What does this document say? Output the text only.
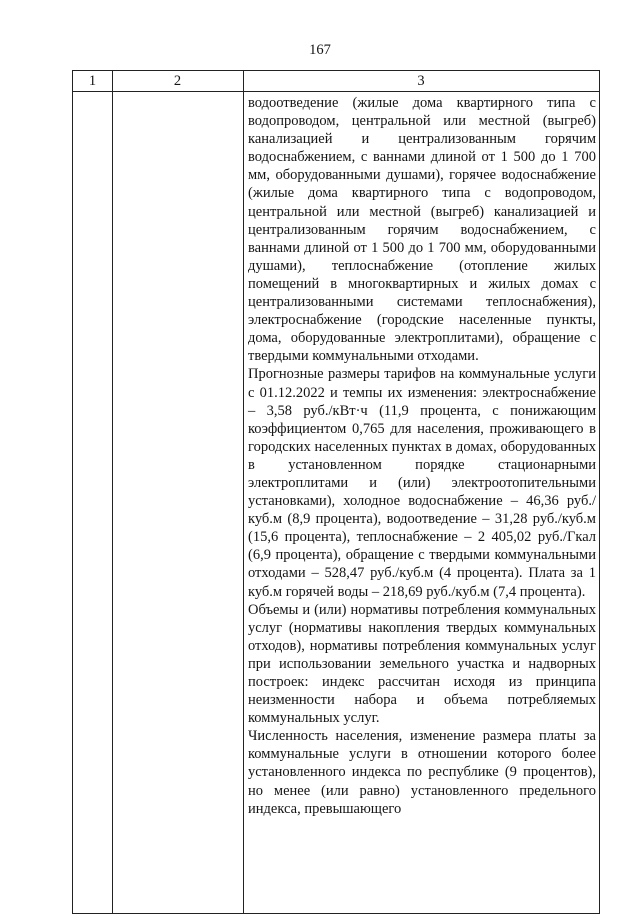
167
1	2	3

водоотведение (жилые дома квартирного типа с водопроводом, центральной или местной (выгреб) канализацией и централизованным горячим водоснабжением, с ваннами длиной от 1 500 до 1 700 мм, оборудованными душами), горячее водоснабжение (жилые дома квартирного типа с водопроводом, центральной или местной (выгреб) канализацией и централизованным горячим водоснабжением, с ваннами длиной от 1 500 до 1 700 мм, оборудованными душами), теплоснабжение (отопление жилых помещений в многоквартирных и жилых домах с централизованными системами теплоснабжения), электроснабжение (городские населенные пункты, дома, оборудованные электроплитами), обращение с твердыми коммунальными отходами.

Прогнозные размеры тарифов на коммунальные услуги с 01.12.2022 и темпы их изменения: электроснабжение – 3,58 руб./кВт·ч (11,9 процента, с понижающим коэффициентом 0,765 для населения, проживающего в городских населенных пунктах в домах, оборудованных в установленном порядке стационарными электроплитами и (или) электроотопительными установками), холодное водоснабжение – 46,36 руб./куб.м (8,9 процента), водоотведение – 31,28 руб./куб.м (15,6 процента), теплоснабжение – 2 405,02 руб./Гкал (6,9 процента), обращение с твердыми коммунальными отходами – 528,47 руб./куб.м (4 процента). Плата за 1 куб.м горячей воды – 218,69 руб./куб.м (7,4 процента).

Объемы и (или) нормативы потребления коммунальных услуг (нормативы накопления твердых коммунальных отходов), нормативы потребления коммунальных услуг при использовании земельного участка и надворных построек: индекс рассчитан исходя из принципа неизменности набора и объема потребляемых коммунальных услуг.

Численность населения, изменение размера платы за коммунальные услуги в отношении которого более установленного индекса по республике (9 процентов), но менее (или равно) установленного предельного индекса, превышающего
